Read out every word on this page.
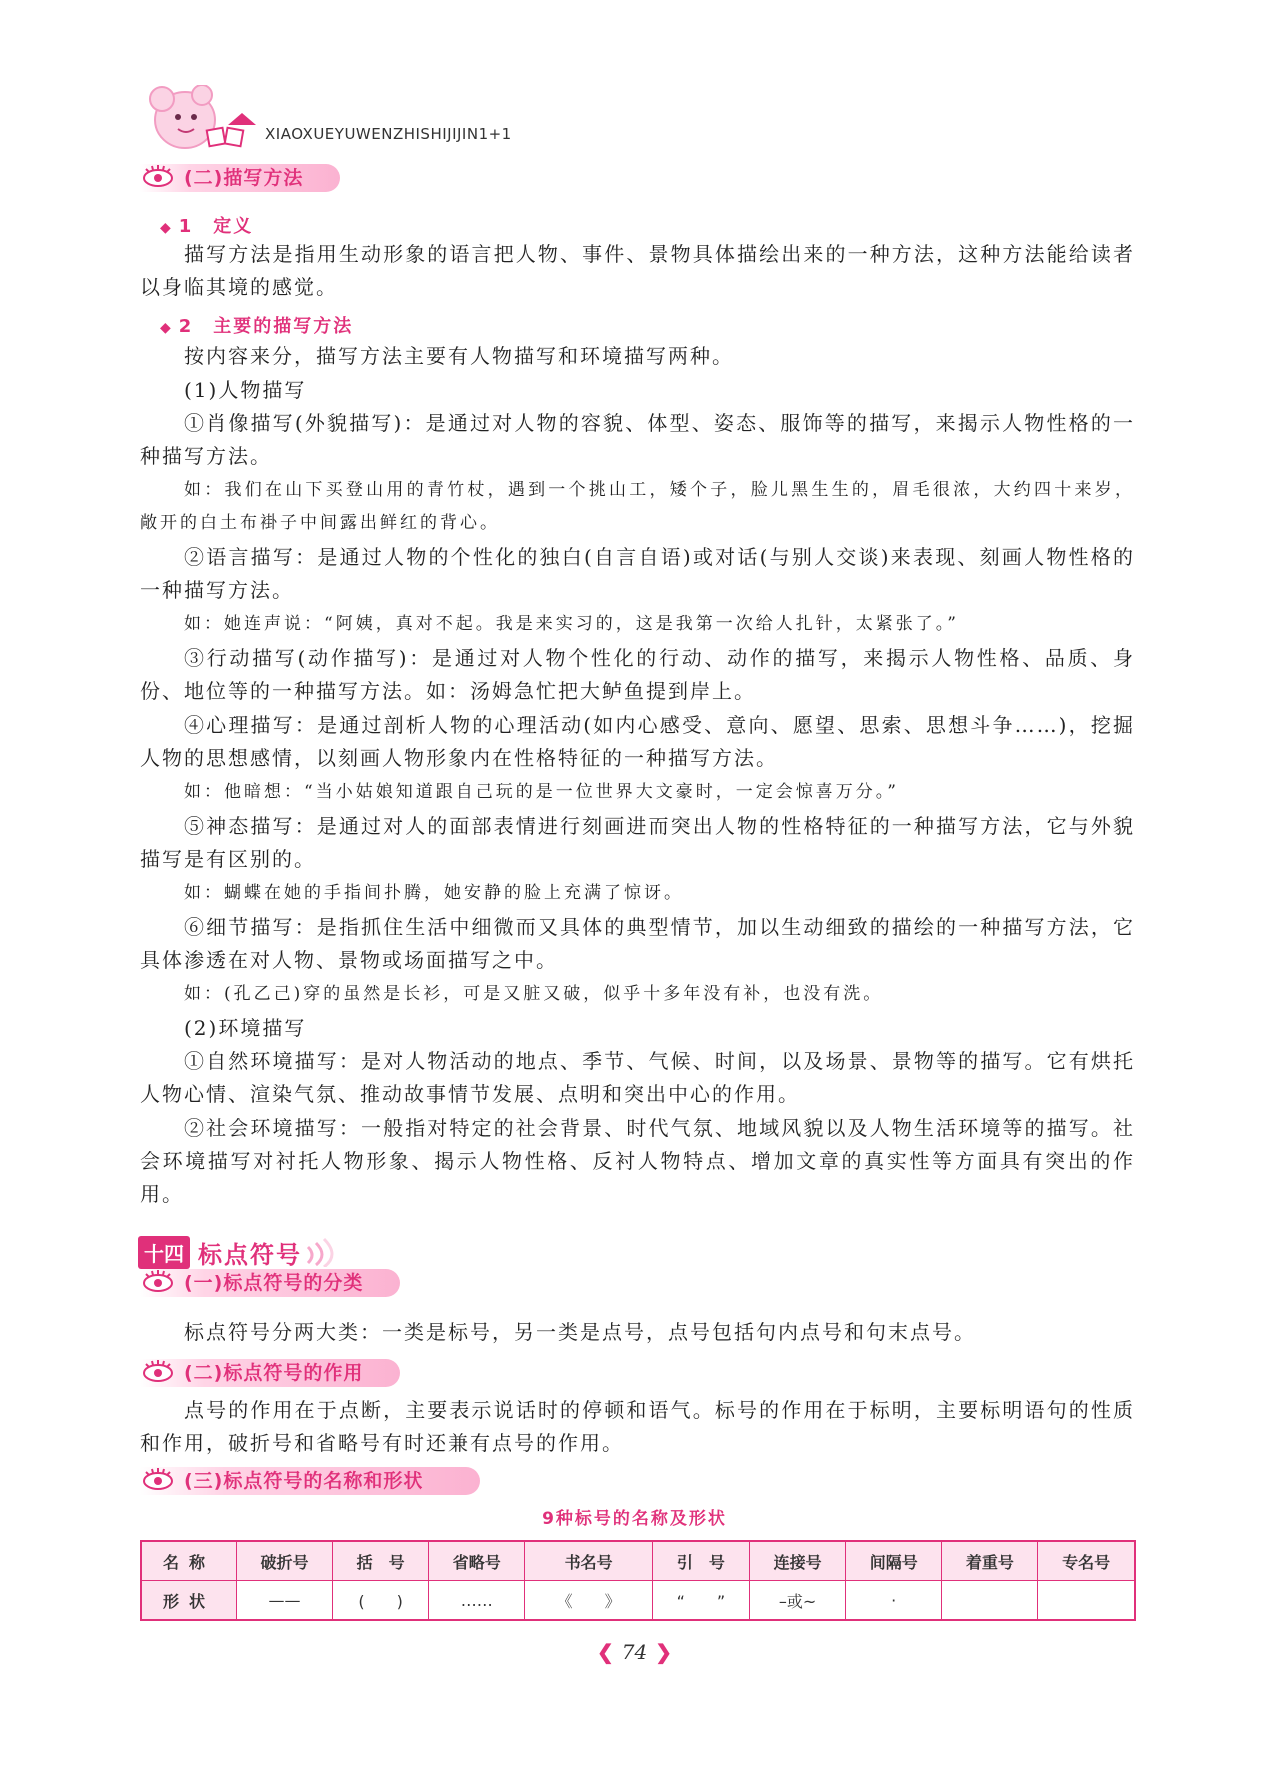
XIAOXUEYUWENZHISHIJIJIN1+1
(二)描写方法
◆ 1　定义

描写方法是指用生动形象的语言把人物、事件、景物具体描绘出来的一种方法，这种方法能给读者以身临其境的感觉。

◆ 2　主要的描写方法

按内容来分，描写方法主要有人物描写和环境描写两种。

(1)人物描写

①肖像描写(外貌描写)：是通过对人物的容貌、体型、姿态、服饰等的描写，来揭示人物性格的一种描写方法。

如：我们在山下买登山用的青竹杖，遇到一个挑山工，矮个子，脸儿黑生生的，眉毛很浓，大约四十来岁，敞开的白土布褂子中间露出鲜红的背心。

②语言描写：是通过人物的个性化的独白(自言自语)或对话(与别人交谈)来表现、刻画人物性格的一种描写方法。

如：她连声说：“阿姨，真对不起。我是来实习的，这是我第一次给人扎针，太紧张了。”

③行动描写(动作描写)：是通过对人物个性化的行动、动作的描写，来揭示人物性格、品质、身份、地位等的一种描写方法。如：汤姆急忙把大鲈鱼提到岸上。

④心理描写：是通过剖析人物的心理活动(如内心感受、意向、愿望、思索、思想斗争……)，挖掘人物的思想感情，以刻画人物形象内在性格特征的一种描写方法。

如：他暗想：“当小姑娘知道跟自己玩的是一位世界大文豪时，一定会惊喜万分。”

⑤神态描写：是通过对人的面部表情进行刻画进而突出人物的性格特征的一种描写方法，它与外貌描写是有区别的。

如：蝴蝶在她的手指间扑腾，她安静的脸上充满了惊讶。

⑥细节描写：是指抓住生活中细微而又具体的典型情节，加以生动细致的描绘的一种描写方法，它具体渗透在对人物、景物或场面描写之中。

如：(孔乙己)穿的虽然是长衫，可是又脏又破，似乎十多年没有补，也没有洗。

(2)环境描写

①自然环境描写：是对人物活动的地点、季节、气候、时间，以及场景、景物等的描写。它有烘托人物心情、渲染气氛、推动故事情节发展、点明和突出中心的作用。

②社会环境描写：一般指对特定的社会背景、时代气氛、地域风貌以及人物生活环境等的描写。社会环境描写对衬托人物形象、揭示人物性格、反衬人物特点、增加文章的真实性等方面具有突出的作用。

十四 标点符号
(一)标点符号的分类

标点符号分两大类：一类是标号，另一类是点号，点号包括句内点号和句末点号。

(二)标点符号的作用

点号的作用在于点断，主要表示说话时的停顿和语气。标号的作用在于标明，主要标明语句的性质和作用，破折号和省略号有时还兼有点号的作用。

(三)标点符号的名称和形状
9种标号的名称及形状
名称	破折号	括　号	省略号	书名号	引　号	连接号	间隔号	着重号	专名号
形状	——	(　　)	……	《　　》	“　　”	–或~	·		
❮ 74 ❯
